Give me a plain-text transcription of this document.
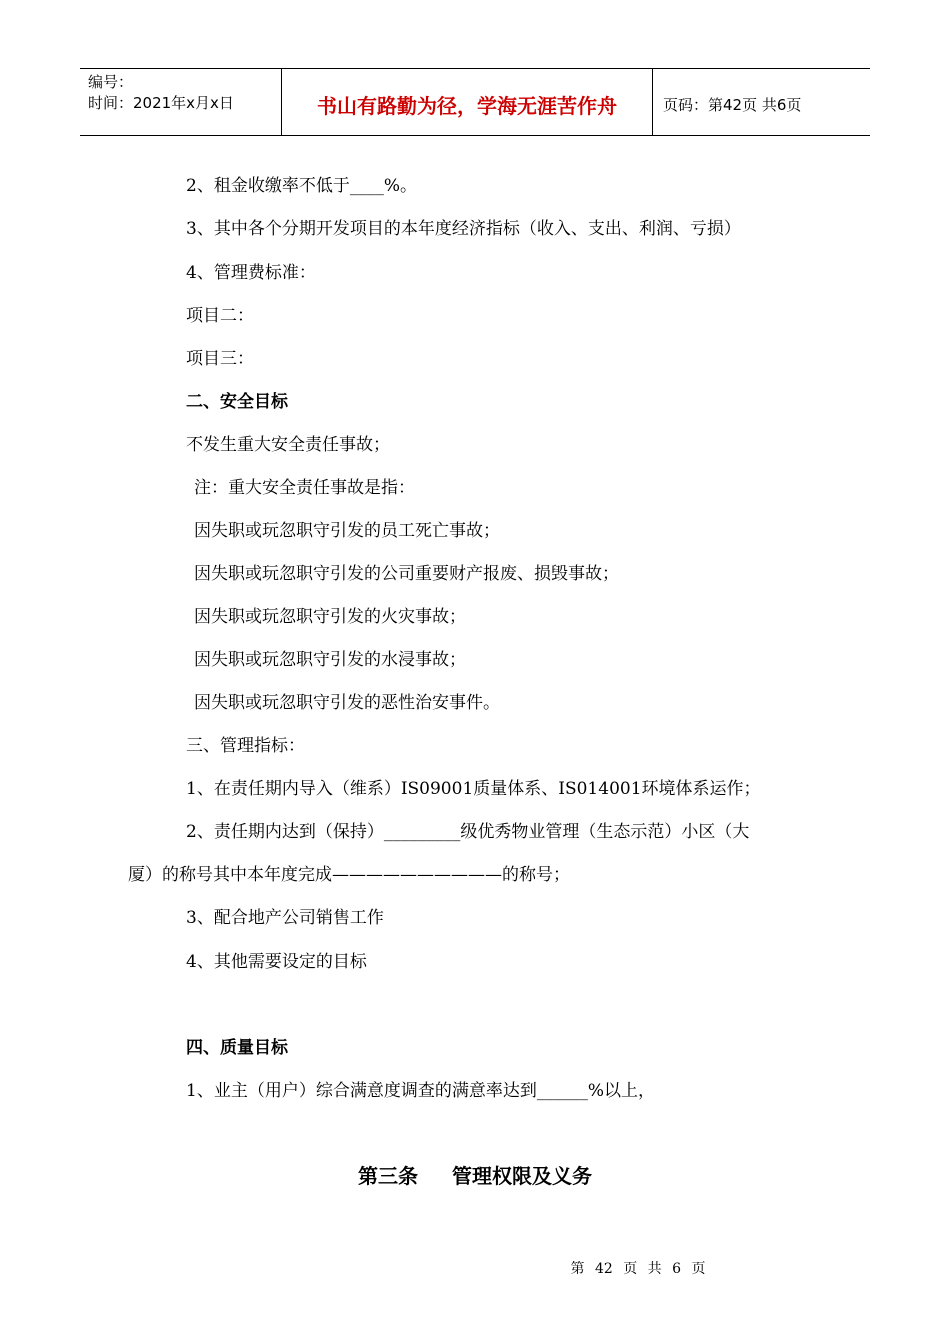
编号：
时间：2021年x月x日	书山有路勤为径，学海无涯苦作舟	页码：第42页 共6页
2、租金收缴率不低于____%。
3、其中各个分期开发项目的本年度经济指标（收入、支出、利润、亏损）
4、管理费标准：
项目二：
项目三：
二、安全目标
不发生重大安全责任事故；
注：重大安全责任事故是指：
因失职或玩忽职守引发的员工死亡事故；
因失职或玩忽职守引发的公司重要财产报废、损毁事故；
因失职或玩忽职守引发的火灾事故；
因失职或玩忽职守引发的水浸事故；
因失职或玩忽职守引发的恶性治安事件。
三、管理指标：
1、在责任期内导入（维系）IS09001质量体系、IS014001环境体系运作；
2、责任期内达到（保持）_________级优秀物业管理（生态示范）小区（大
厦）的称号其中本年度完成——————————的称号；
3、配合地产公司销售工作
4、其他需要设定的目标
四、质量目标
1、业主（用户）综合满意度调查的满意率达到______%以上，
第三条 管理权限及义务
第 42 页 共 6 页
